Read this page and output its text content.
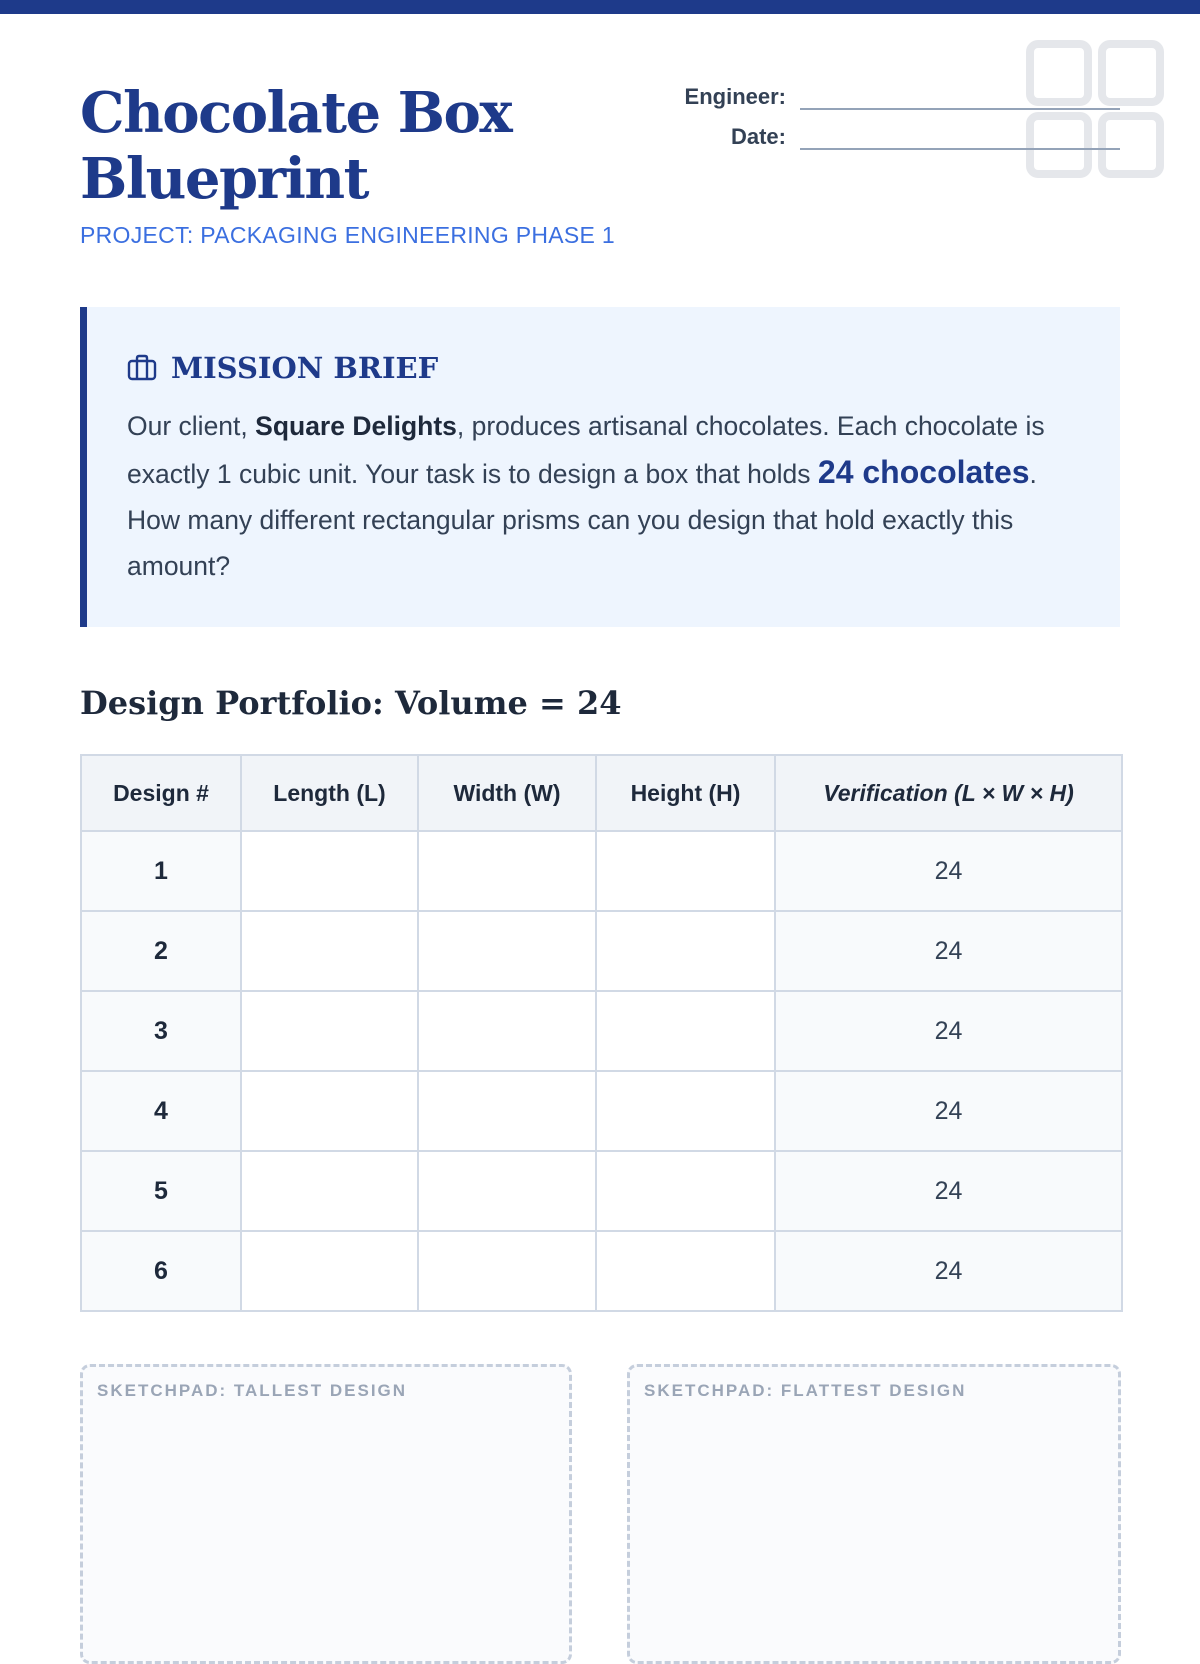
Chocolate Box Blueprint
PROJECT: PACKAGING ENGINEERING PHASE 1
Engineer:
Date:
MISSION BRIEF
Our client, Square Delights, produces artisanal chocolates. Each chocolate is exactly 1 cubic unit. Your task is to design a box that holds 24 chocolates. How many different rectangular prisms can you design that hold exactly this amount?
Design Portfolio: Volume = 24
Design #	Length (L)	Width (W)	Height (H)	Verification (L × W × H)
1				24
2				24
3				24
4				24
5				24
6				24
SKETCHPAD: TALLEST DESIGN	SKETCHPAD: FLATTEST DESIGN
